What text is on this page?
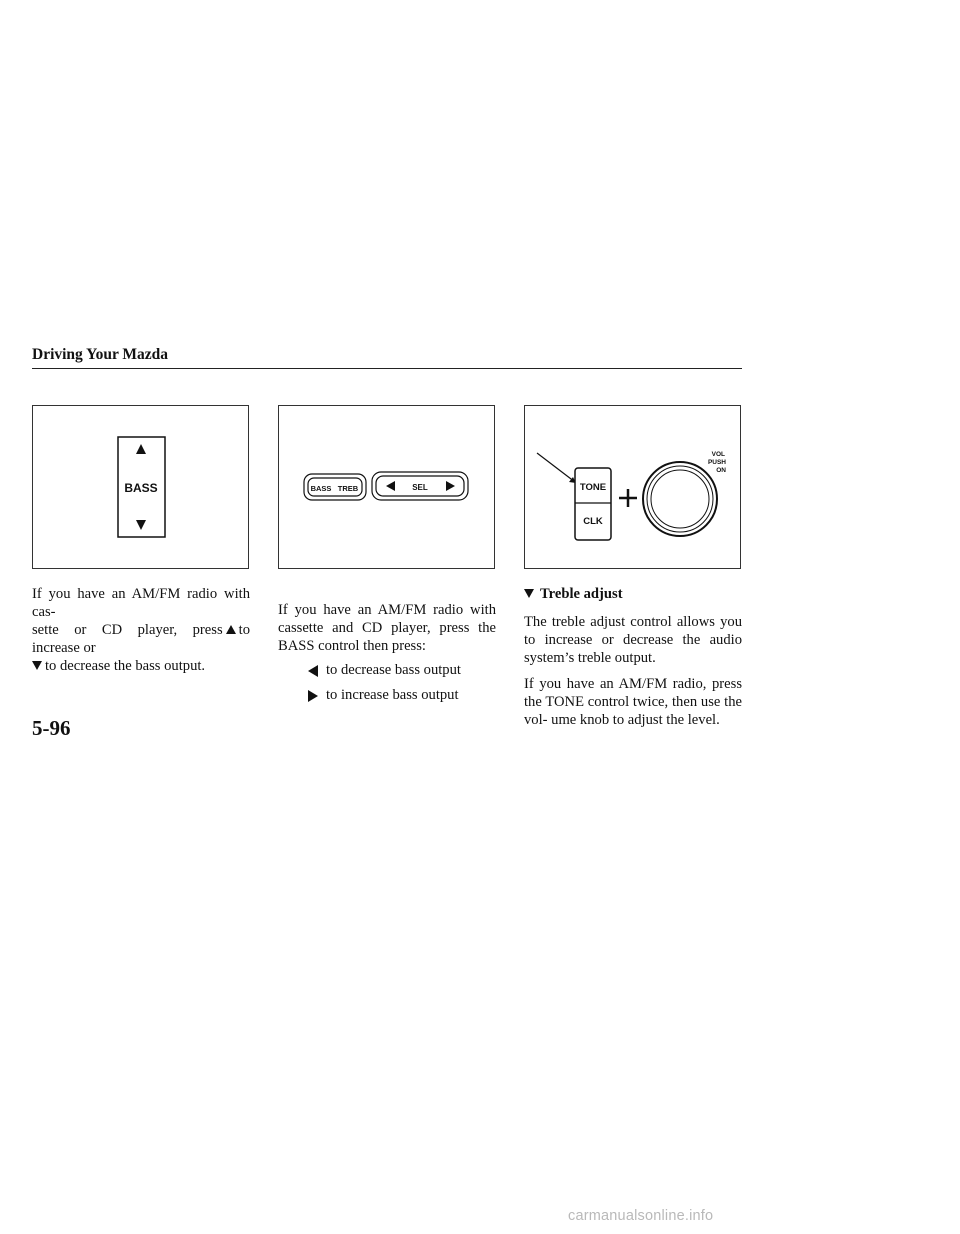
Driving Your Mazda
BASS	BASS TREB	SEL	TONE
CLK
VOL
PUSH
ON
If you have an AM/FM radio with cas-
sette or CD player, press to increase or
to decrease the bass output.

If you have an AM/FM radio with cassette and CD player, press the BASS control then press:

to decrease bass output
to increase bass output

Treble adjust

The treble adjust control allows you to increase or decrease the audio system’s treble output.

If you have an AM/FM radio, press the TONE control twice, then use the vol- ume knob to adjust the level.

5-96
carmanualsonline.info
